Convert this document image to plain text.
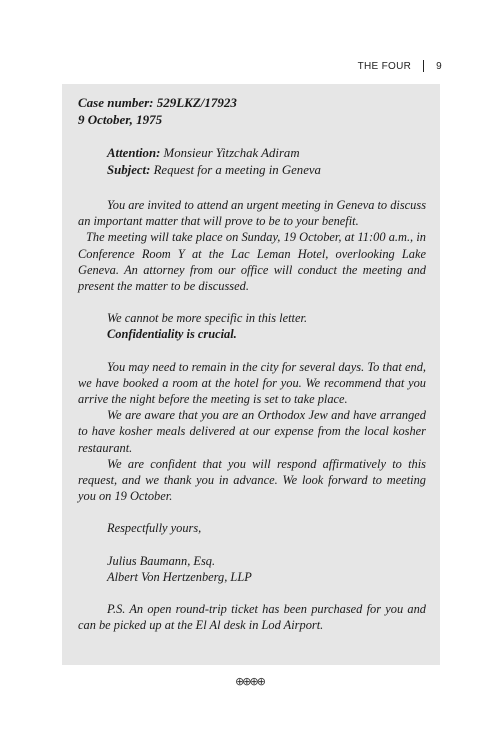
THE FOUR	9
Case number: 529LKZ/17923
9 October, 1975
Attention: Monsieur Yitzchak Adiram
Subject: Request for a meeting in Geneva
You are invited to attend an urgent meeting in Geneva to discuss an important matter that will prove to be to your benefit.
The meeting will take place on Sunday, 19 October, at 11:00 a.m., in Conference Room Y at the Lac Leman Hotel, overlooking Lake Geneva. An attorney from our office will conduct the meeting and present the matter to be discussed.
We cannot be more specific in this letter.
Confidentiality is crucial.
You may need to remain in the city for several days. To that end, we have booked a room at the hotel for you. We recommend that you arrive the night before the meeting is set to take place.
We are aware that you are an Orthodox Jew and have arranged to have kosher meals delivered at our expense from the local kosher restaurant.
We are confident that you will respond affirmatively to this request, and we thank you in advance. We look forward to meeting you on 19 October.
Respectfully yours,
Julius Baumann, Esq.
Albert Von Hertzenberg, LLP
P.S. An open round-trip ticket has been purchased for you and can be picked up at the El Al desk in Lod Airport.
⊕⊕⊕⊕
